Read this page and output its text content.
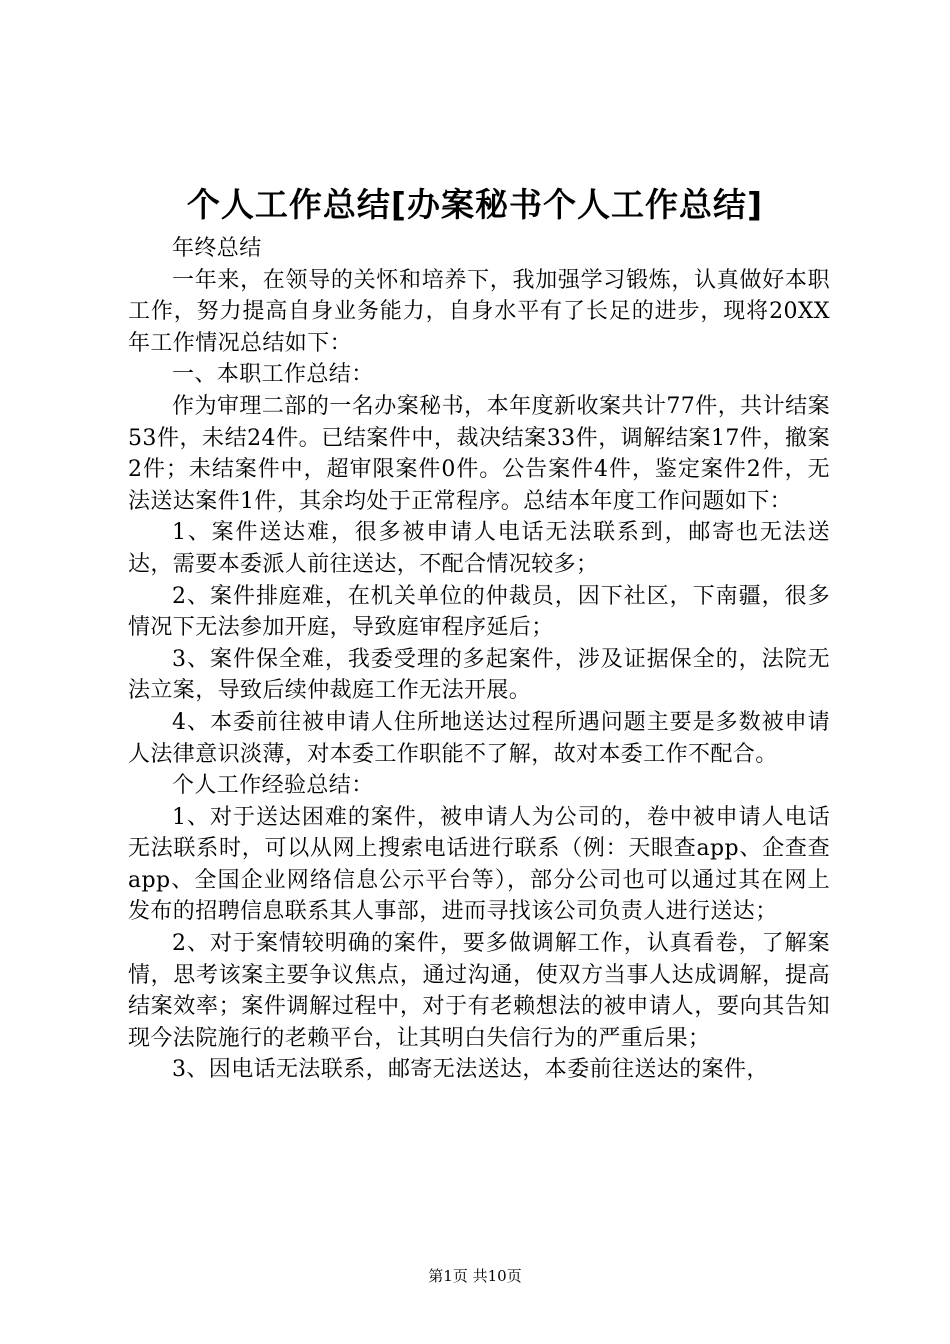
个人工作总结[办案秘书个人工作总结]

年终总结

一年来，在领导的关怀和培养下，我加强学习锻炼，认真做好本职工作，努力提高自身业务能力，自身水平有了长足的进步，现将20XX年工作情况总结如下：

一、本职工作总结：

作为审理二部的一名办案秘书，本年度新收案共计77件，共计结案53件，未结24件。已结案件中，裁决结案33件，调解结案17件，撤案2件；未结案件中，超审限案件0件。公告案件4件，鉴定案件2件，无法送达案件1件，其余均处于正常程序。总结本年度工作问题如下：

1、案件送达难，很多被申请人电话无法联系到，邮寄也无法送达，需要本委派人前往送达，不配合情况较多；

2、案件排庭难，在机关单位的仲裁员，因下社区，下南疆，很多情况下无法参加开庭，导致庭审程序延后；

3、案件保全难，我委受理的多起案件，涉及证据保全的，法院无法立案，导致后续仲裁庭工作无法开展。

4、本委前往被申请人住所地送达过程所遇问题主要是多数被申请人法律意识淡薄，对本委工作职能不了解，故对本委工作不配合。

个人工作经验总结：

1、对于送达困难的案件，被申请人为公司的，卷中被申请人电话无法联系时，可以从网上搜索电话进行联系（例：天眼查app、企查查app、全国企业网络信息公示平台等），部分公司也可以通过其在网上发布的招聘信息联系其人事部，进而寻找该公司负责人进行送达；

2、对于案情较明确的案件，要多做调解工作，认真看卷，了解案情，思考该案主要争议焦点，通过沟通，使双方当事人达成调解，提高结案效率；案件调解过程中，对于有老赖想法的被申请人，要向其告知现今法院施行的老赖平台，让其明白失信行为的严重后果；

3、因电话无法联系，邮寄无法送达，本委前往送达的案件，

第1页 共10页
